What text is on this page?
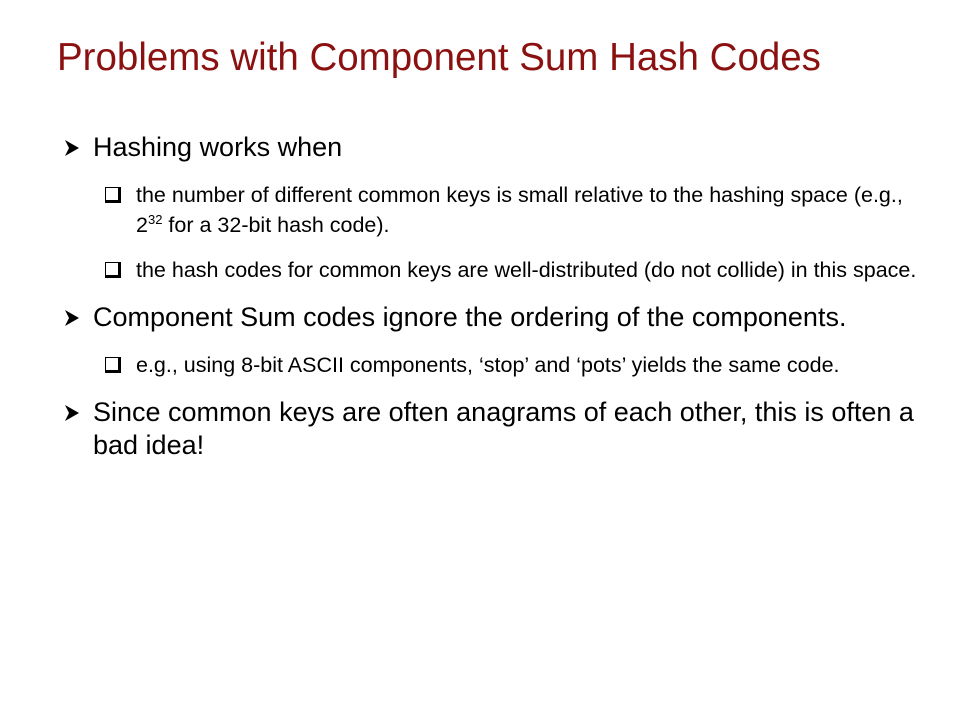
Problems with Component Sum Hash Codes
Hashing works when
the number of different common keys is small relative to the hashing space (e.g., $2^{32}$ for a 32-bit hash code).
the hash codes for common keys are well-distributed (do not collide) in this space.
Component Sum codes ignore the ordering of the components.
e.g., using 8-bit ASCII components, ‘stop’ and ‘pots’ yields the same code.
Since common keys are often anagrams of each other, this is often a bad idea!
